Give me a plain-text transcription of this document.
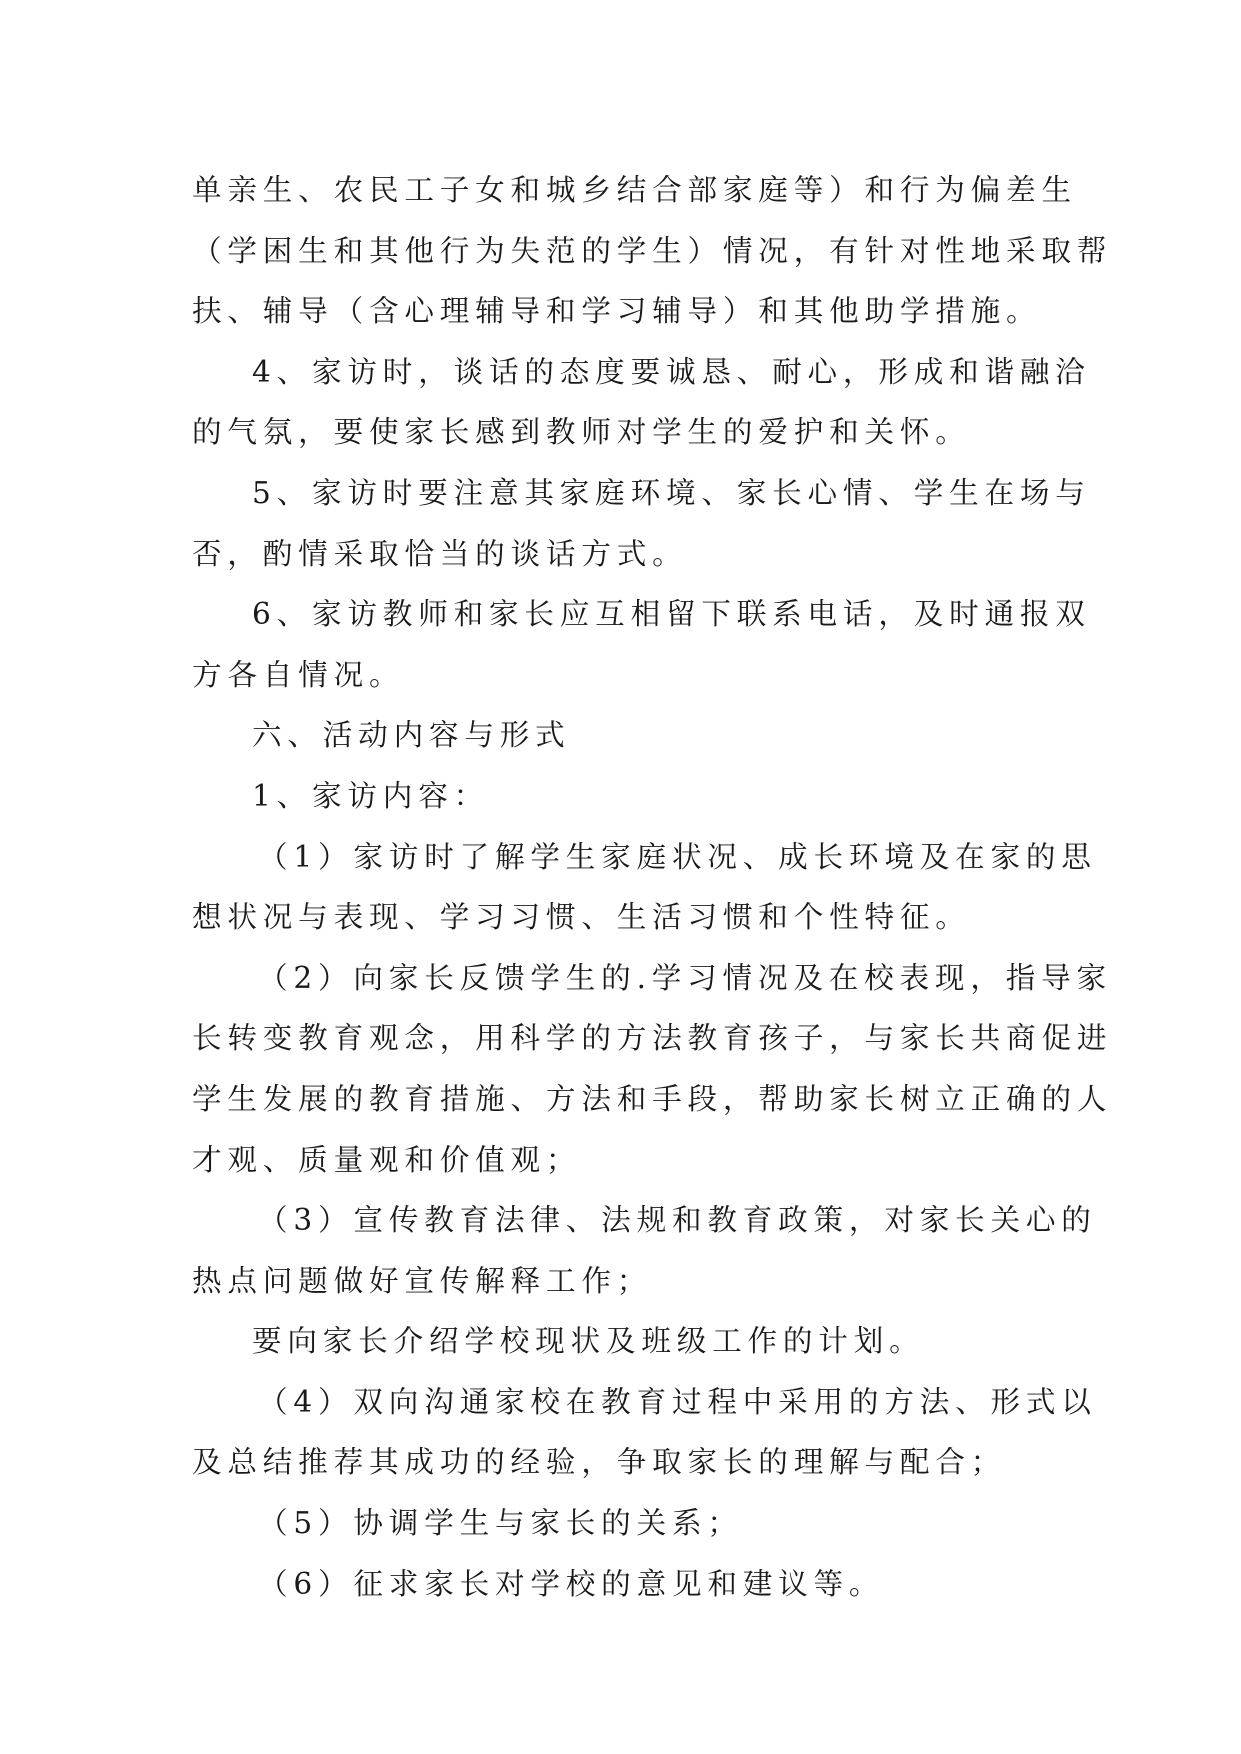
单亲生、农民工子女和城乡结合部家庭等）和行为偏差生
（学困生和其他行为失范的学生）情况，有针对性地采取帮
扶、辅导（含心理辅导和学习辅导）和其他助学措施。
4、家访时，谈话的态度要诚恳、耐心，形成和谐融洽
的气氛，要使家长感到教师对学生的爱护和关怀。
5、家访时要注意其家庭环境、家长心情、学生在场与
否，酌情采取恰当的谈话方式。
6、家访教师和家长应互相留下联系电话，及时通报双
方各自情况。
六、活动内容与形式
1、家访内容：
（1）家访时了解学生家庭状况、成长环境及在家的思
想状况与表现、学习习惯、生活习惯和个性特征。
（2）向家长反馈学生的.学习情况及在校表现，指导家
长转变教育观念，用科学的方法教育孩子，与家长共商促进
学生发展的教育措施、方法和手段，帮助家长树立正确的人
才观、质量观和价值观；
（3）宣传教育法律、法规和教育政策，对家长关心的
热点问题做好宣传解释工作；
要向家长介绍学校现状及班级工作的计划。
（4）双向沟通家校在教育过程中采用的方法、形式以
及总结推荐其成功的经验，争取家长的理解与配合；
（5）协调学生与家长的关系；
（6）征求家长对学校的意见和建议等。
